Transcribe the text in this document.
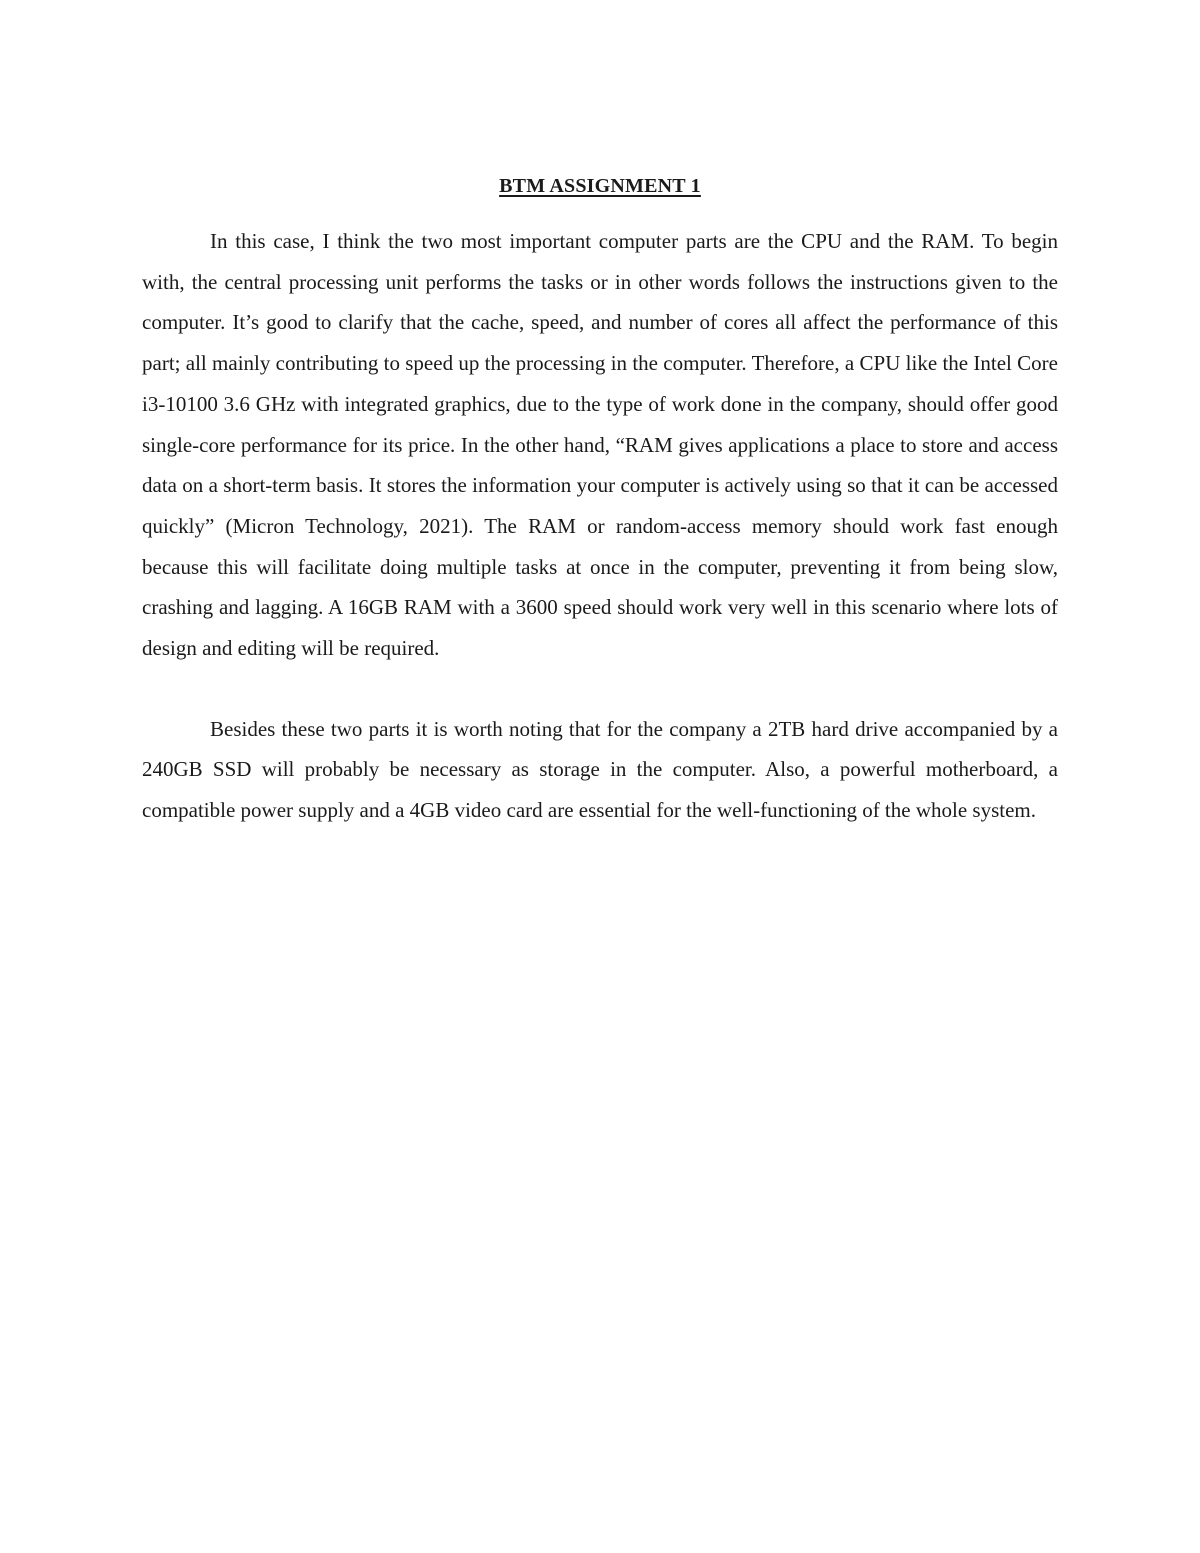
BTM ASSIGNMENT 1

In this case, I think the two most important computer parts are the CPU and the RAM. To begin with, the central processing unit performs the tasks or in other words follows the instructions given to the computer. It’s good to clarify that the cache, speed, and number of cores all affect the performance of this part; all mainly contributing to speed up the processing in the computer. Therefore, a CPU like the Intel Core i3-10100 3.6 GHz with integrated graphics, due to the type of work done in the company, should offer good single-core performance for its price. In the other hand, “RAM gives applications a place to store and access data on a short-term basis. It stores the information your computer is actively using so that it can be accessed quickly” (Micron Technology, 2021). The RAM or random-access memory should work fast enough because this will facilitate doing multiple tasks at once in the computer, preventing it from being slow, crashing and lagging. A 16GB RAM with a 3600 speed should work very well in this scenario where lots of design and editing will be required.

Besides these two parts it is worth noting that for the company a 2TB hard drive accompanied by a 240GB SSD will probably be necessary as storage in the computer. Also, a powerful motherboard, a compatible power supply and a 4GB video card are essential for the well-functioning of the whole system.
